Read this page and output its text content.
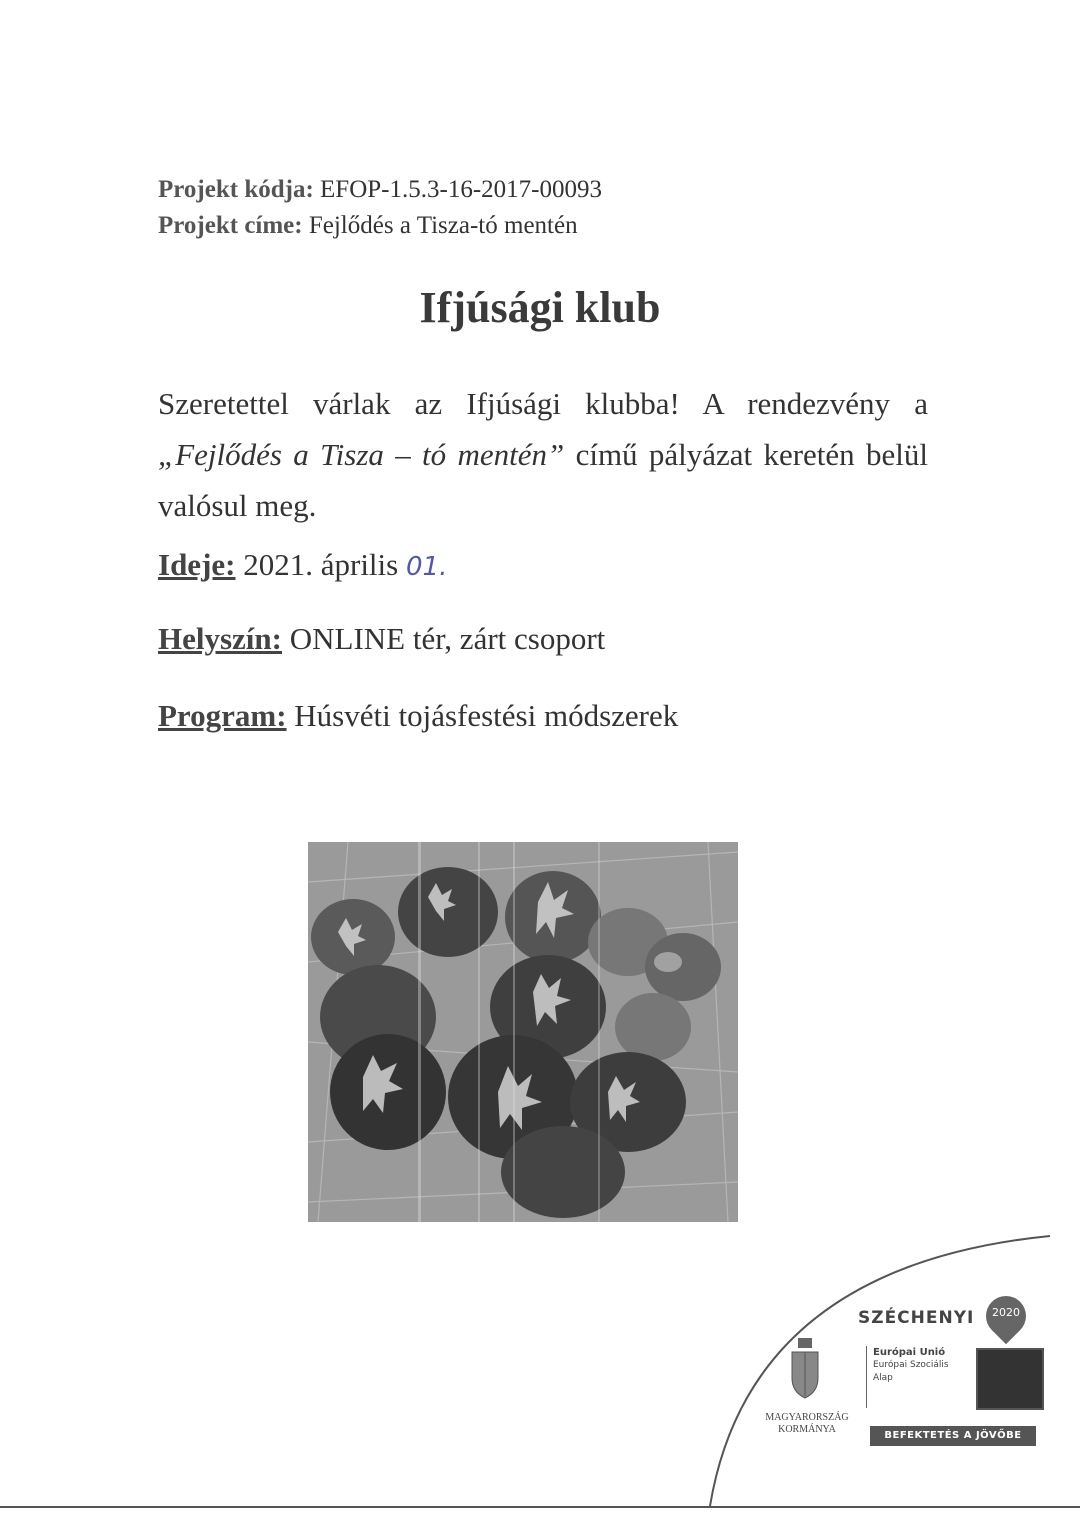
Projekt kódja: EFOP-1.5.3-16-2017-00093
Projekt címe: Fejlődés a Tisza-tó mentén
Ifjúsági klub
Szeretettel várlak az Ifjúsági klubba! A rendezvény a „Fejlődés a Tisza – tó mentén” című pályázat keretén belül valósul meg.
Ideje: 2021. április 01.
Helyszín: ONLINE tér, zárt csoport
Program: Húsvéti tojásfestési módszerek
SZÉCHENYI	2020
MAGYARORSZÁG
KORMÁNYA
Európai Unió
Európai Szociális
Alap
BEFEKTETÉS A JÖVŐBE
